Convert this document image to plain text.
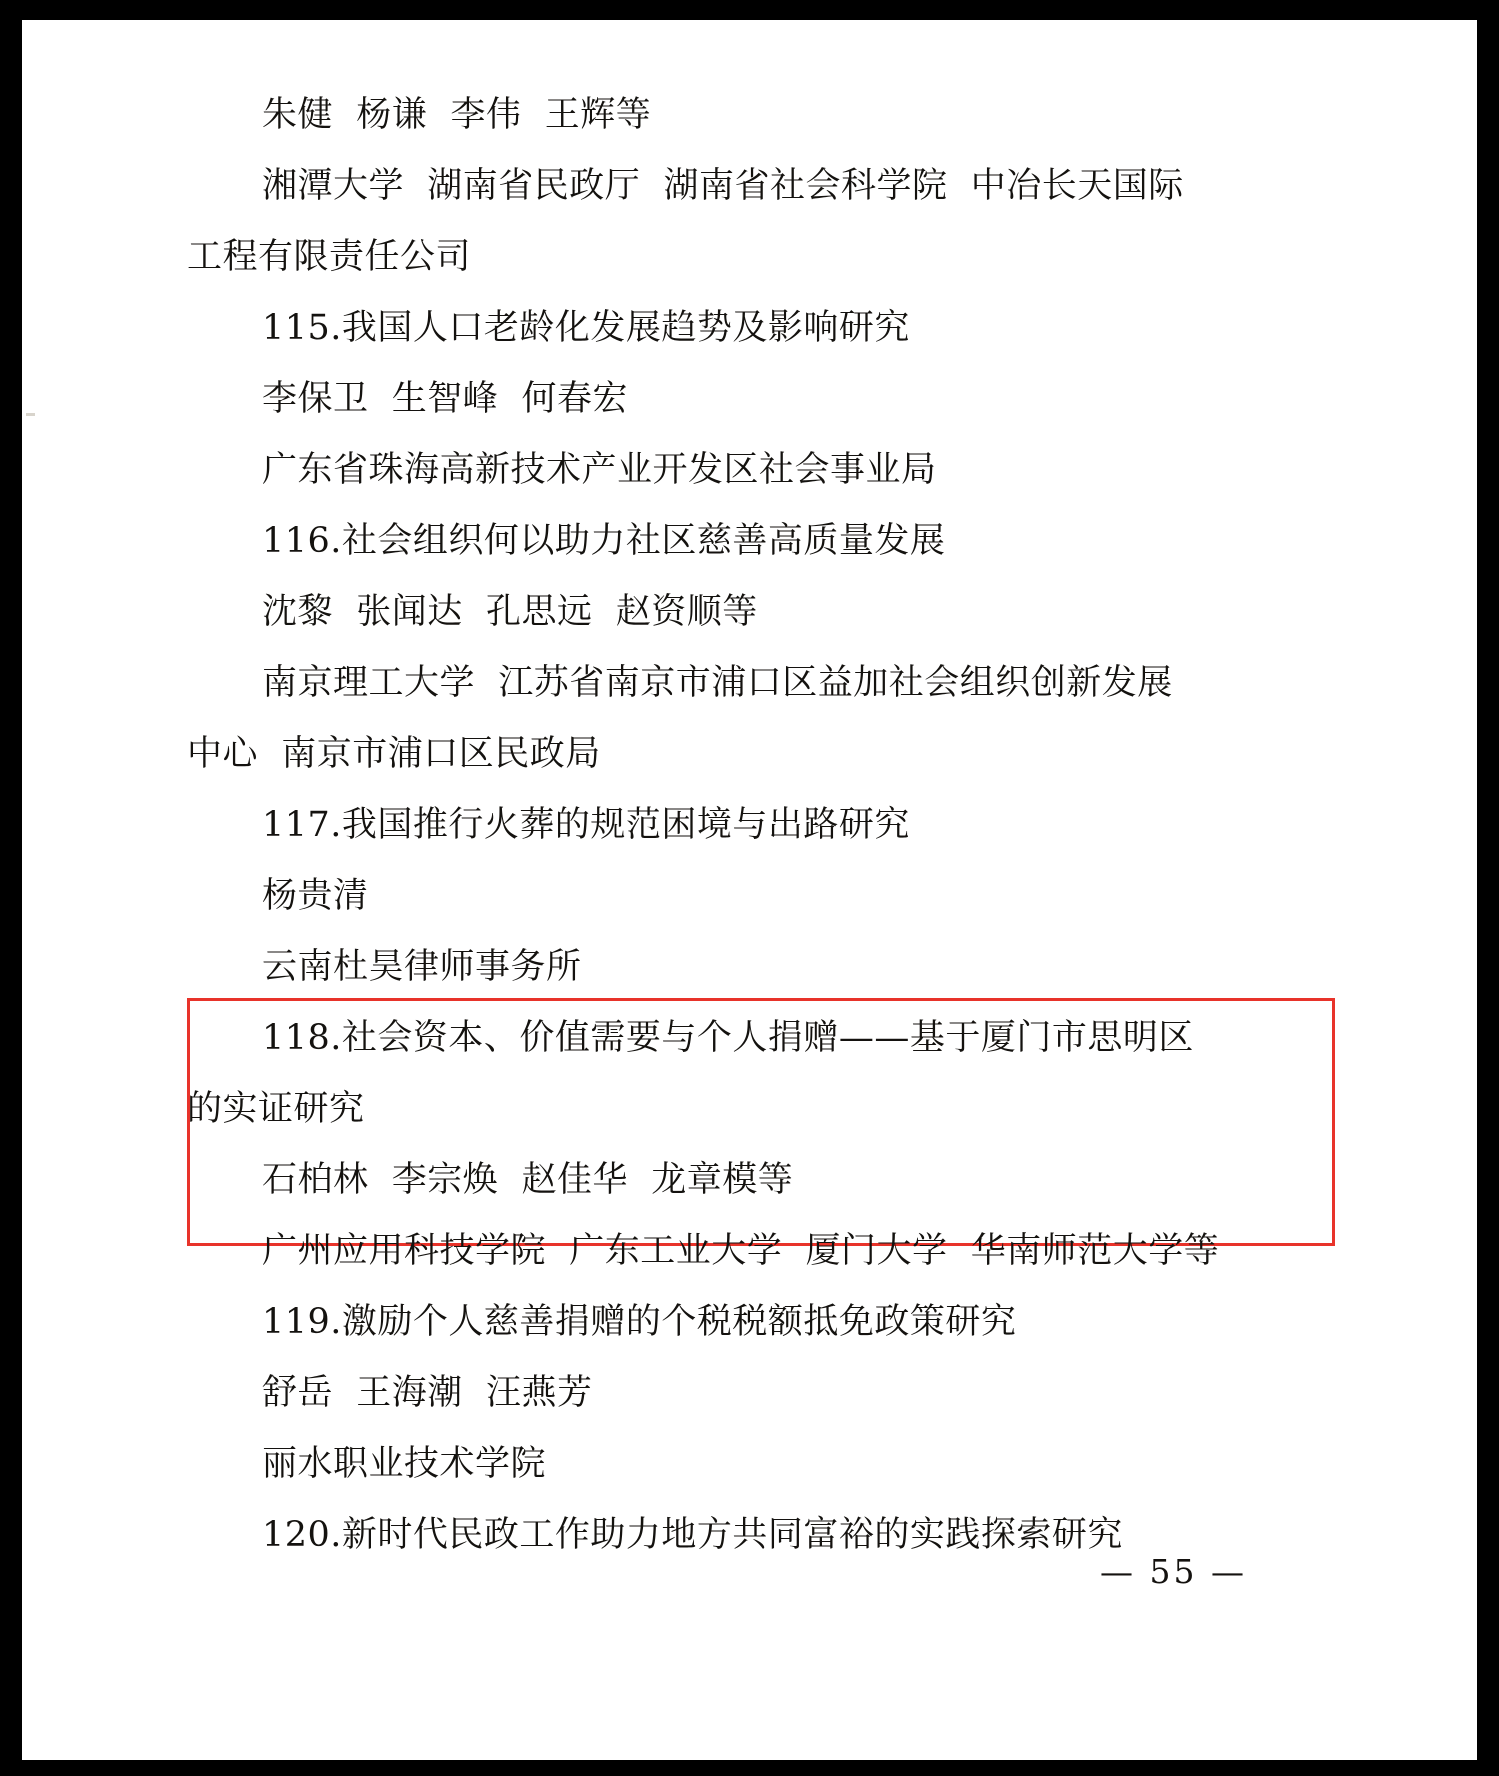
朱健  杨谦  李伟  王辉等
湘潭大学  湖南省民政厅  湖南省社会科学院  中冶长天国际
工程有限责任公司
115.我国人口老龄化发展趋势及影响研究
李保卫  生智峰  何春宏
广东省珠海高新技术产业开发区社会事业局
116.社会组织何以助力社区慈善高质量发展
沈黎  张闻达  孔思远  赵资顺等
南京理工大学  江苏省南京市浦口区益加社会组织创新发展
中心  南京市浦口区民政局
117.我国推行火葬的规范困境与出路研究
杨贵清
云南杜昊律师事务所
118.社会资本、价值需要与个人捐赠——基于厦门市思明区
的实证研究
石柏林  李宗焕  赵佳华  龙章模等
广州应用科技学院  广东工业大学  厦门大学  华南师范大学等
119.激励个人慈善捐赠的个税税额抵免政策研究
舒岳  王海潮  汪燕芳
丽水职业技术学院
120.新时代民政工作助力地方共同富裕的实践探索研究
— 55 —
